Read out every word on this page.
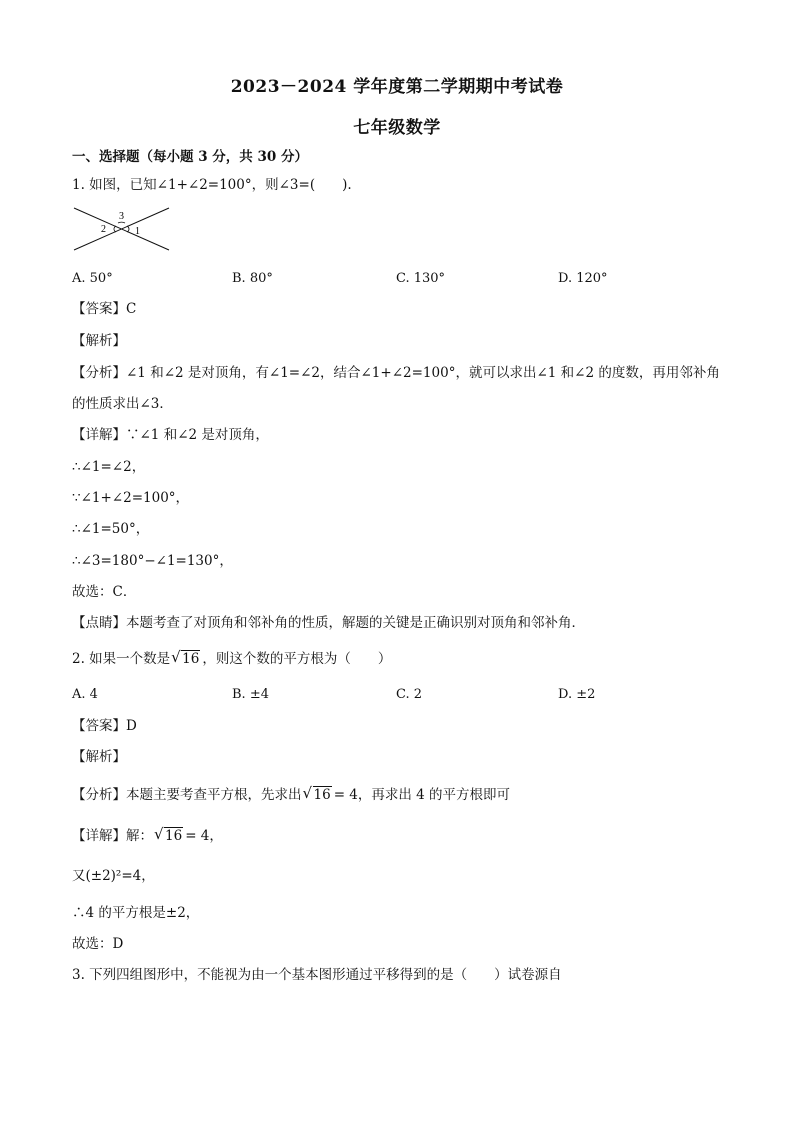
2023－2024 学年度第二学期期中考试卷
七年级数学
一、选择题（每小题 3 分，共 30 分）
1. 如图，已知∠1+∠2=100°，则∠3=(　　).
3
2	1
A. 50°	B. 80°	C. 130°	D. 120°
【答案】C
【解析】
【分析】∠1 和∠2 是对顶角，有∠1=∠2，结合∠1+∠2=100°，就可以求出∠1 和∠2 的度数，再用邻补角
的性质求出∠3．
【详解】∵∠1 和∠2 是对顶角，
∴∠1=∠2，
∵∠1+∠2=100°，
∴∠1=50°，
∴∠3=180°−∠1=130°，
故选：C．
【点睛】本题考查了对顶角和邻补角的性质，解题的关键是正确识别对顶角和邻补角．
2. 如果一个数是 √ 16 ，则这个数的平方根为（　　）
A. 4	B. ±4	C. 2	D. ±2
【答案】D
【解析】
【分析】本题主要考查平方根，先求出 √ 16 = 4，再求出 4 的平方根即可
【详解】解： √ 16 = 4，
又(±2)²=4，
∴4 的平方根是±2，
故选：D
3. 下列四组图形中，不能视为由一个基本图形通过平移得到的是（　　）试卷源自
